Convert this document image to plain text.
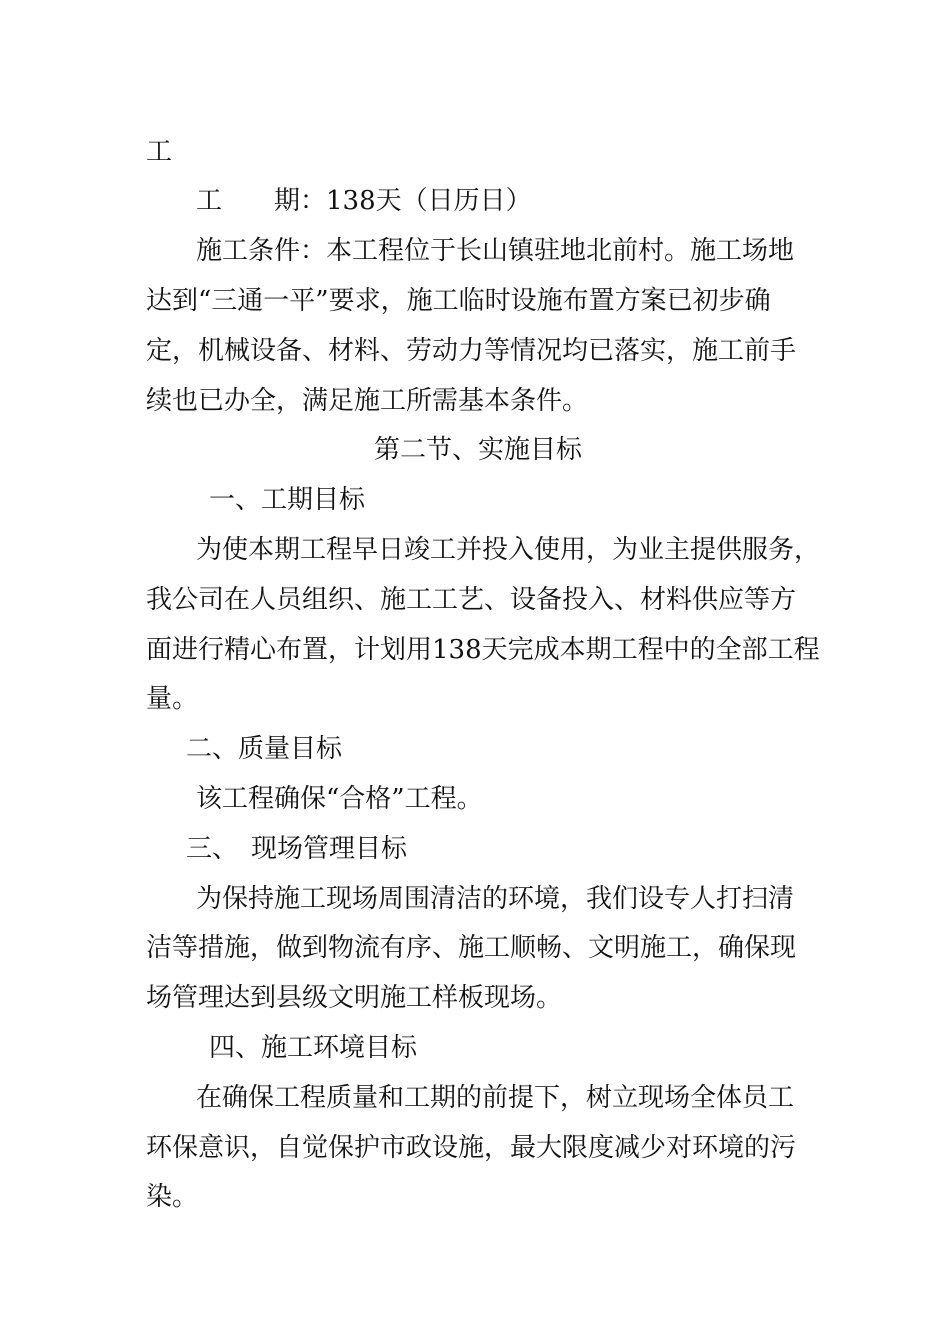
工
工　　期：138天（日历日）
施工条件：本工程位于长山镇驻地北前村。施工场地
达到“三通一平”要求，施工临时设施布置方案已初步确
定，机械设备、材料、劳动力等情况均已落实，施工前手
续也已办全，满足施工所需基本条件。
第二节、实施目标
一、工期目标
为使本期工程早日竣工并投入使用，为业主提供服务，
我公司在人员组织、施工工艺、设备投入、材料供应等方
面进行精心布置，计划用138天完成本期工程中的全部工程
量。
二、质量目标
该工程确保“合格”工程。
三、　现场管理目标
为保持施工现场周围清洁的环境，我们设专人打扫清
洁等措施，做到物流有序、施工顺畅、文明施工，确保现
场管理达到县级文明施工样板现场。
四、施工环境目标
在确保工程质量和工期的前提下，树立现场全体员工
环保意识，自觉保护市政设施，最大限度减少对环境的污
染。
